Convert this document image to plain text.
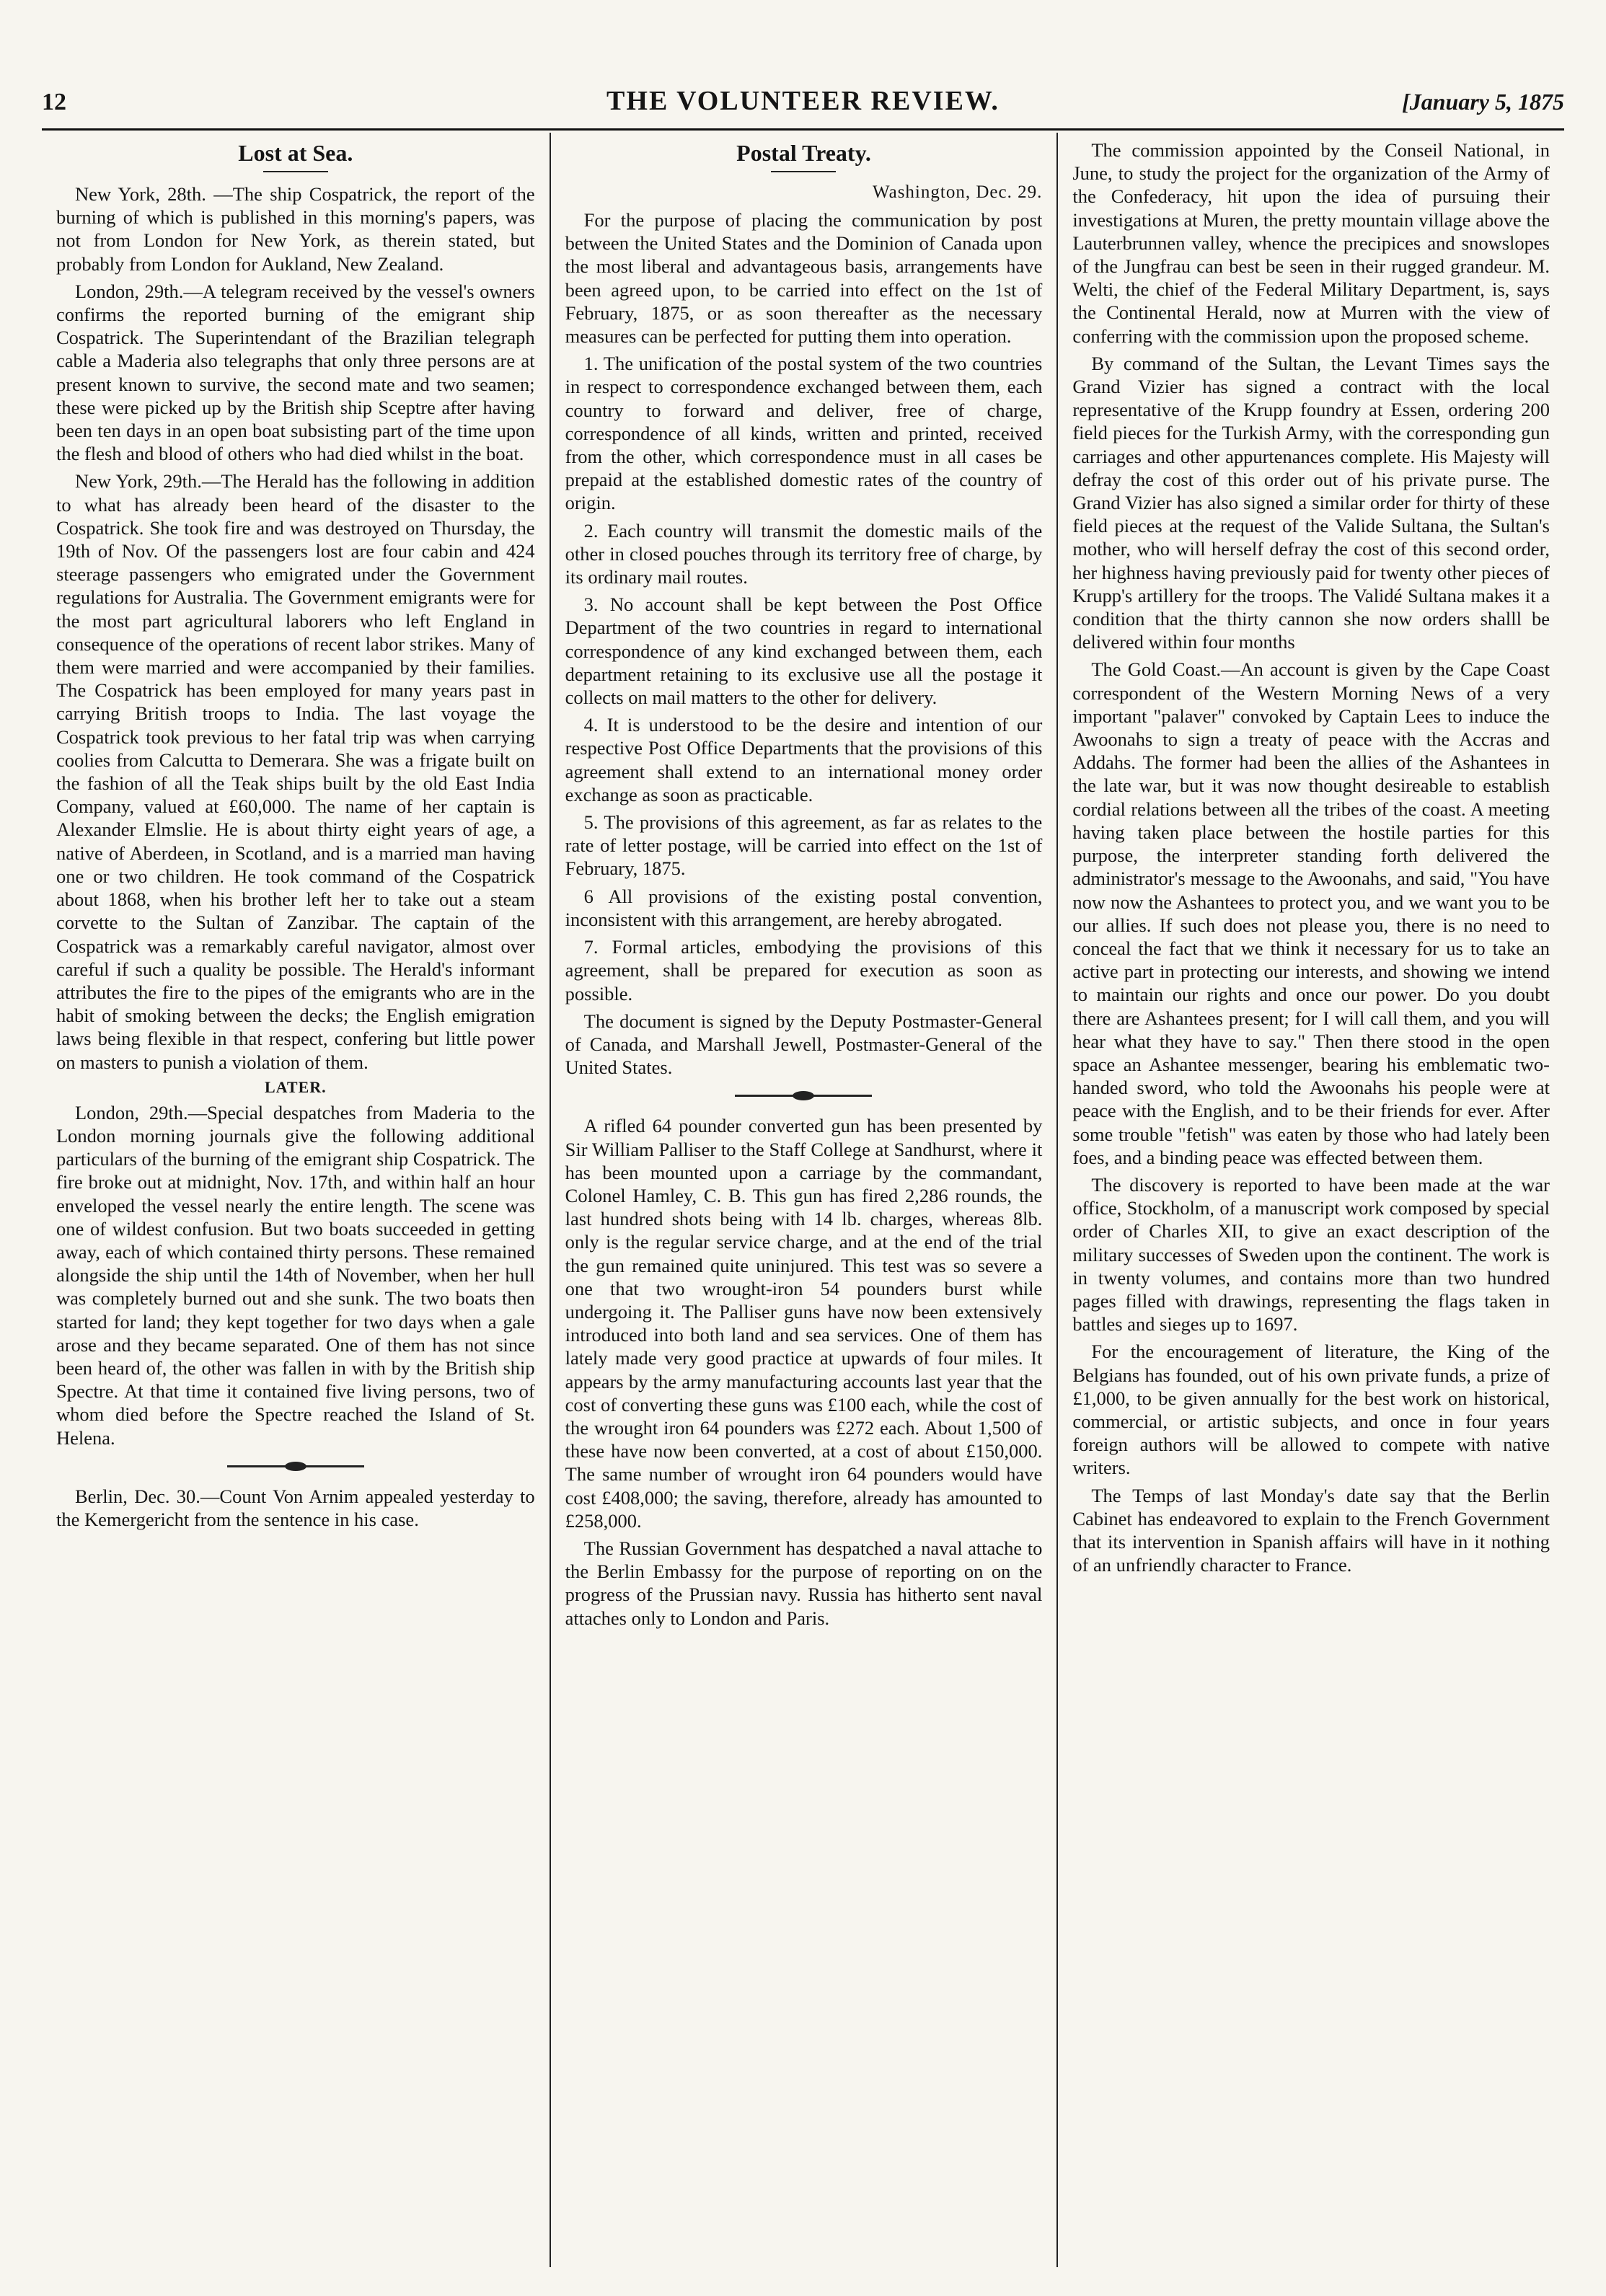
12	THE VOLUNTEER REVIEW.	[January 5, 1875
Lost at Sea.

New York, 28th. —The ship Cospatrick, the report of the burning of which is published in this morning's papers, was not from London for New York, as therein stated, but probably from London for Aukland, New Zealand.

London, 29th.—A telegram received by the vessel's owners confirms the reported burning of the emigrant ship Cospatrick. The Superintendant of the Brazilian telegraph cable a Maderia also telegraphs that only three persons are at present known to survive, the second mate and two seamen; these were picked up by the British ship Sceptre after having been ten days in an open boat subsisting part of the time upon the flesh and blood of others who had died whilst in the boat.

New York, 29th.—The Herald has the following in addition to what has already been heard of the disaster to the Cospatrick. She took fire and was destroyed on Thursday, the 19th of Nov. Of the passengers lost are four cabin and 424 steerage passengers who emigrated under the Government regulations for Australia. The Government emigrants were for the most part agricultural laborers who left England in consequence of the operations of recent labor strikes. Many of them were married and were accompanied by their families. The Cospatrick has been employed for many years past in carrying British troops to India. The last voyage the Cospatrick took previous to her fatal trip was when carrying coolies from Calcutta to Demerara. She was a frigate built on the fashion of all the Teak ships built by the old East India Company, valued at £60,000. The name of her captain is Alexander Elmslie. He is about thirty eight years of age, a native of Aberdeen, in Scotland, and is a married man having one or two children. He took command of the Cospatrick about 1868, when his brother left her to take out a steam corvette to the Sultan of Zanzibar. The captain of the Cospatrick was a remarkably careful navigator, almost over careful if such a quality be possible. The Herald's informant attributes the fire to the pipes of the emigrants who are in the habit of smoking between the decks; the English emigration laws being flexible in that respect, confering but little power on masters to punish a violation of them.

LATER.

London, 29th.—Special despatches from Maderia to the London morning journals give the following additional particulars of the burning of the emigrant ship Cospatrick. The fire broke out at midnight, Nov. 17th, and within half an hour enveloped the vessel nearly the entire length. The scene was one of wildest confusion. But two boats succeeded in getting away, each of which contained thirty persons. These remained alongside the ship until the 14th of November, when her hull was completely burned out and she sunk. The two boats then started for land; they kept together for two days when a gale arose and they became separated. One of them has not since been heard of, the other was fallen in with by the British ship Spectre. At that time it contained five living persons, two of whom died before the Spectre reached the Island of St. Helena.

Berlin, Dec. 30.—Count Von Arnim appealed yesterday to the Kemergericht from the sentence in his case.

Postal Treaty.
Washington, Dec. 29.

For the purpose of placing the communication by post between the United States and the Dominion of Canada upon the most liberal and advantageous basis, arrangements have been agreed upon, to be carried into effect on the 1st of February, 1875, or as soon thereafter as the necessary measures can be perfected for putting them into operation.

1. The unification of the postal system of the two countries in respect to correspondence exchanged between them, each country to forward and deliver, free of charge, correspondence of all kinds, written and printed, received from the other, which correspondence must in all cases be prepaid at the established domestic rates of the country of origin.

2. Each country will transmit the domestic mails of the other in closed pouches through its territory free of charge, by its ordinary mail routes.

3. No account shall be kept between the Post Office Department of the two countries in regard to international correspondence of any kind exchanged between them, each department retaining to its exclusive use all the postage it collects on mail matters to the other for delivery.

4. It is understood to be the desire and intention of our respective Post Office Departments that the provisions of this agreement shall extend to an international money order exchange as soon as practicable.

5. The provisions of this agreement, as far as relates to the rate of letter postage, will be carried into effect on the 1st of February, 1875.

6 All provisions of the existing postal convention, inconsistent with this arrangement, are hereby abrogated.

7. Formal articles, embodying the provisions of this agreement, shall be prepared for execution as soon as possible.

The document is signed by the Deputy Postmaster-General of Canada, and Marshall Jewell, Postmaster-General of the United States.

A rifled 64 pounder converted gun has been presented by Sir William Palliser to the Staff College at Sandhurst, where it has been mounted upon a carriage by the commandant, Colonel Hamley, C. B. This gun has fired 2,286 rounds, the last hundred shots being with 14 lb. charges, whereas 8lb. only is the regular service charge, and at the end of the trial the gun remained quite uninjured. This test was so severe a one that two wrought-iron 54 pounders burst while undergoing it. The Palliser guns have now been extensively introduced into both land and sea services. One of them has lately made very good practice at upwards of four miles. It appears by the army manufacturing accounts last year that the cost of converting these guns was £100 each, while the cost of the wrought iron 64 pounders was £272 each. About 1,500 of these have now been converted, at a cost of about £150,000. The same number of wrought iron 64 pounders would have cost £408,000; the saving, therefore, already has amounted to £258,000.

The Russian Government has despatched a naval attache to the Berlin Embassy for the purpose of reporting on on the progress of the Prussian navy. Russia has hitherto sent naval attaches only to London and Paris.

The commission appointed by the Conseil National, in June, to study the project for the organization of the Army of the Confederacy, hit upon the idea of pursuing their investigations at Muren, the pretty mountain village above the Lauterbrunnen valley, whence the precipices and snowslopes of the Jungfrau can best be seen in their rugged grandeur. M. Welti, the chief of the Federal Military Department, is, says the Continental Herald, now at Murren with the view of conferring with the commission upon the proposed scheme.

By command of the Sultan, the Levant Times says the Grand Vizier has signed a contract with the local representative of the Krupp foundry at Essen, ordering 200 field pieces for the Turkish Army, with the corresponding gun carriages and other appurtenances complete. His Majesty will defray the cost of this order out of his private purse. The Grand Vizier has also signed a similar order for thirty of these field pieces at the request of the Valide Sultana, the Sultan's mother, who will herself defray the cost of this second order, her highness having previously paid for twenty other pieces of Krupp's artillery for the troops. The Validé Sultana makes it a condition that the thirty cannon she now orders shalll be delivered within four months

The Gold Coast.—An account is given by the Cape Coast correspondent of the Western Morning News of a very important "palaver" convoked by Captain Lees to induce the Awoonahs to sign a treaty of peace with the Accras and Addahs. The former had been the allies of the Ashantees in the late war, but it was now thought desireable to establish cordial relations between all the tribes of the coast. A meeting having taken place between the hostile parties for this purpose, the interpreter standing forth delivered the administrator's message to the Awoonahs, and said, "You have now now the Ashantees to protect you, and we want you to be our allies. If such does not please you, there is no need to conceal the fact that we think it necessary for us to take an active part in protecting our interests, and showing we intend to maintain our rights and once our power. Do you doubt there are Ashantees present; for I will call them, and you will hear what they have to say." Then there stood in the open space an Ashantee messenger, bearing his emblematic two-handed sword, who told the Awoonahs his people were at peace with the English, and to be their friends for ever. After some trouble "fetish" was eaten by those who had lately been foes, and a binding peace was effected between them.

The discovery is reported to have been made at the war office, Stockholm, of a manuscript work composed by special order of Charles XII, to give an exact description of the military successes of Sweden upon the continent. The work is in twenty volumes, and contains more than two hundred pages filled with drawings, representing the flags taken in battles and sieges up to 1697.

For the encouragement of literature, the King of the Belgians has founded, out of his own private funds, a prize of £1,000, to be given annually for the best work on historical, commercial, or artistic subjects, and once in four years foreign authors will be allowed to compete with native writers.

The Temps of last Monday's date say that the Berlin Cabinet has endeavored to explain to the French Government that its intervention in Spanish affairs will have in it nothing of an unfriendly character to France.
